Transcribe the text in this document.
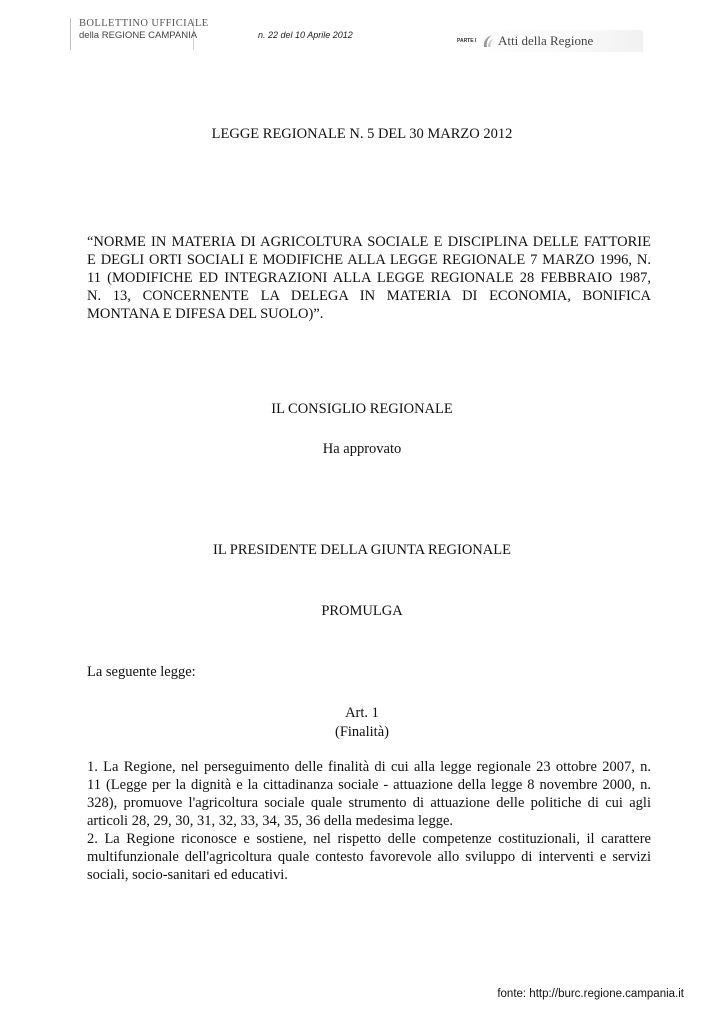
BOLLETTINO UFFICIALE
della REGIONE CAMPANIA	n. 22 del 10 Aprile 2012
PARTE I Atti della Regione
LEGGE REGIONALE N. 5 DEL 30 MARZO 2012
“NORME IN MATERIA DI AGRICOLTURA SOCIALE E DISCIPLINA DELLE FATTORIE
E DEGLI ORTI SOCIALI E MODIFICHE ALLA LEGGE REGIONALE 7 MARZO 1996, N.
11 (MODIFICHE ED INTEGRAZIONI ALLA LEGGE REGIONALE 28 FEBBRAIO 1987,
N. 13, CONCERNENTE LA DELEGA IN MATERIA DI ECONOMIA, BONIFICA
MONTANA E DIFESA DEL SUOLO)”.
IL CONSIGLIO REGIONALE
Ha approvato
IL PRESIDENTE DELLA GIUNTA REGIONALE
PROMULGA
La seguente legge:
Art. 1
(Finalità)
1. La Regione, nel perseguimento delle finalità di cui alla legge regionale 23 ottobre 2007, n.
11 (Legge per la dignità e la cittadinanza sociale - attuazione della legge 8 novembre 2000, n.
328), promuove l'agricoltura sociale quale strumento di attuazione delle politiche di cui agli
articoli 28, 29, 30, 31, 32, 33, 34, 35, 36 della medesima legge.
2. La Regione riconosce e sostiene, nel rispetto delle competenze costituzionali, il carattere
multifunzionale dell'agricoltura quale contesto favorevole allo sviluppo di interventi e servizi
sociali, socio-sanitari ed educativi.
fonte: http://burc.regione.campania.it
